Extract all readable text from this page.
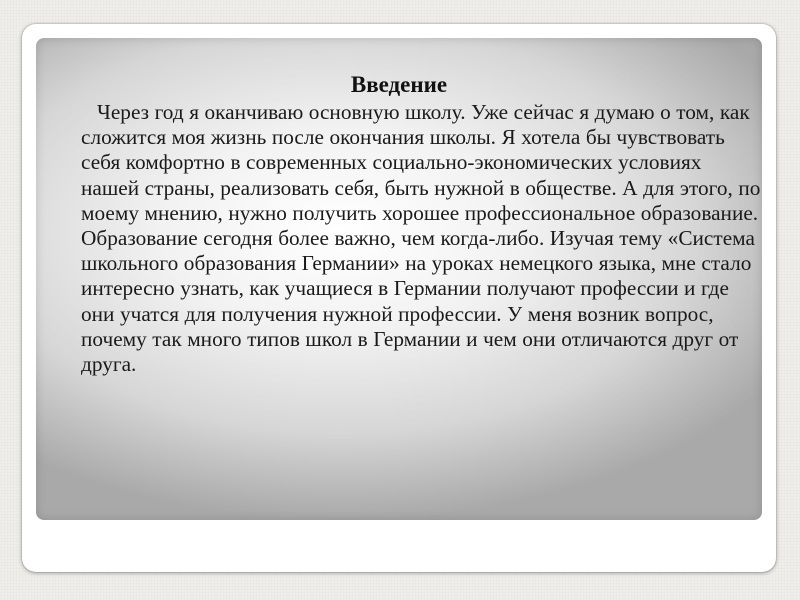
Введение

Через год я оканчиваю основную школу. Уже сейчас я думаю о том, как сложится моя жизнь после окончания школы. Я хотела бы чувствовать себя комфортно в современных социально-экономических условиях нашей страны, реализовать себя, быть нужной в обществе. А для этого, по моему мнению, нужно получить хорошее профессиональное образование. Образование сегодня более важно, чем когда-либо. Изучая тему «Система школьного образования Германии» на уроках немецкого языка, мне стало интересно узнать, как учащиеся в Германии получают профессии и где они учатся для получения нужной профессии. У меня возник вопрос, почему так много типов школ в Германии и чем они отличаются друг от друга.
